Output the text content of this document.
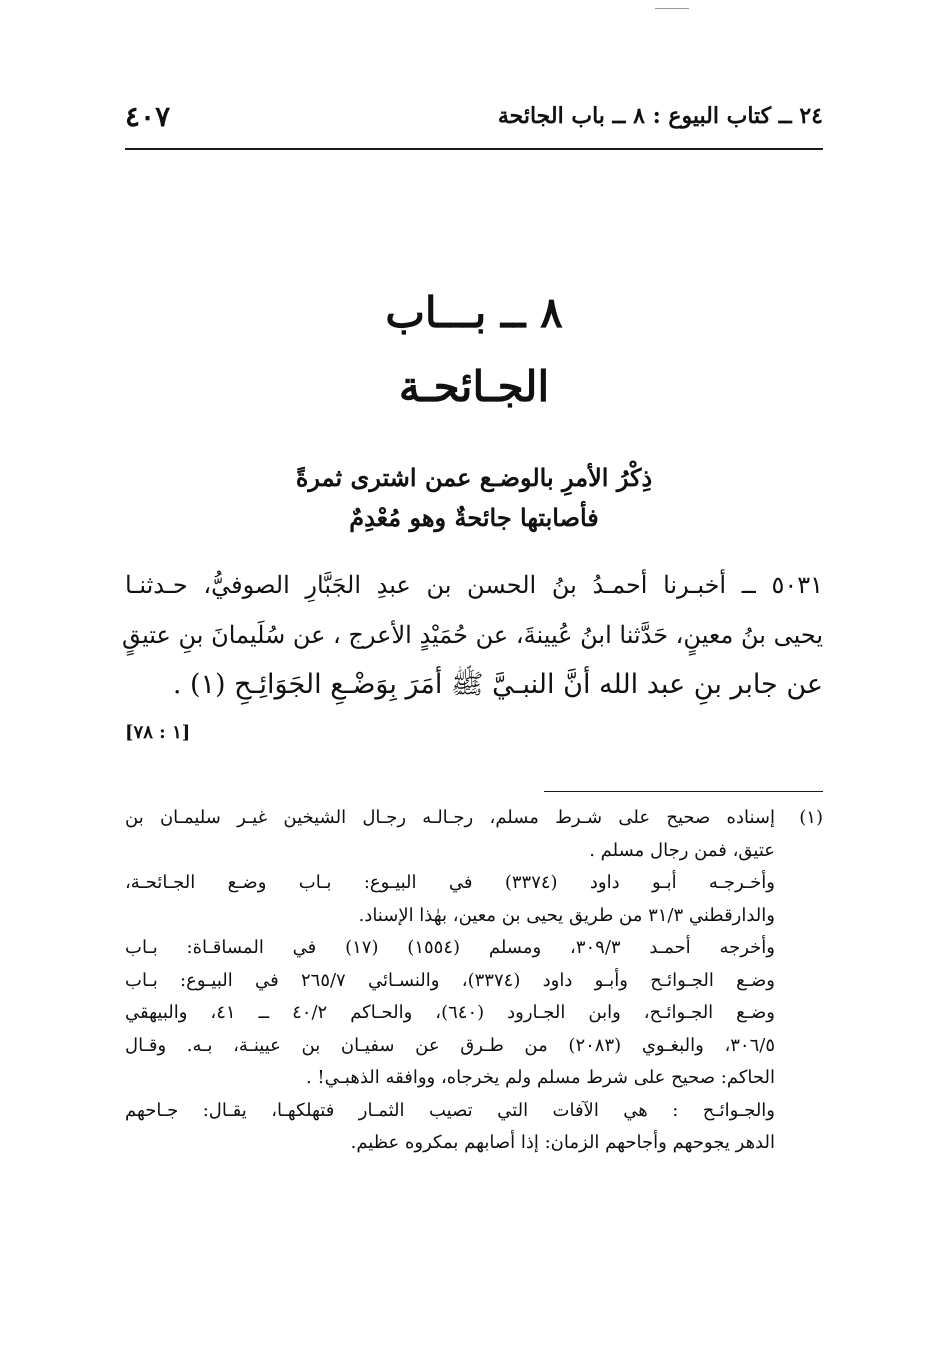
٢٤ ــ كتاب البيوع : ٨ ــ باب الجائحة
٤٠٧
٨ ــ بـــاب
الجـائحـة
ذِكْرُ الأمرِ بالوضـع عمن اشترى ثمرةً
فأصابتها جائحةٌ وهو مُعْدِمٌ
٥٠٣١ ــ أخبـرنا أحمـدُ بنُ الحسن بن عبدِ الجَبَّارِ الصوفيُّ، حـدثنـا
يحيى بنُ معينٍ، حَدَّثنا ابنُ عُيينةَ، عن حُمَيْدٍ الأعرج ، عن سُلَيمانَ بنِ عتيقٍ
عن جابر بنِ عبد الله أنَّ النبـيَّ ﷺ أمَرَ بِوَضْـعِ الجَوَائِـحِ (١) .
[١ : ٧٨]
(١)
إسناده صحيح على شـرط مسلم، رجـالـه رجـال الشيخين غيـر سليمـان بن
عتيق، فمن رجال مسلم .
وأخـرجـه أبـو داود (٣٣٧٤) في البيـوع: بـاب وضـع الجـائحـة،
والدارقطني ٣١/٣ من طريق يحيى بن معين، بهٰذا الإسناد.
وأخرجه أحمـد ٣٠٩/٣، ومسلم (١٥٥٤) (١٧) في المساقـاة: بـاب
وضـع الجـوائـح وأبـو داود (٣٣٧٤)، والنسـائي ٢٦٥/٧ في البيـوع: بـاب
وضـع الجـوائـح، وابن الجـارود (٦٤٠)، والحـاكم ٤٠/٢ ــ ٤١، والبيهقي
٣٠٦/٥، والبغـوي (٢٠٨٣) من طـرق عن سفيـان بن عيينـة، بـه. وقـال
الحاكم: صحيح على شرط مسلم ولم يخرجاه، ووافقه الذهبـي! .
والجـوائـح : هي الآفات التي تصيب الثمـار فتهلكهـا، يقـال: جـاحهم
الدهر يجوحهم وأجاحهم الزمان: إذا أصابهم بمكروه عظيم.
